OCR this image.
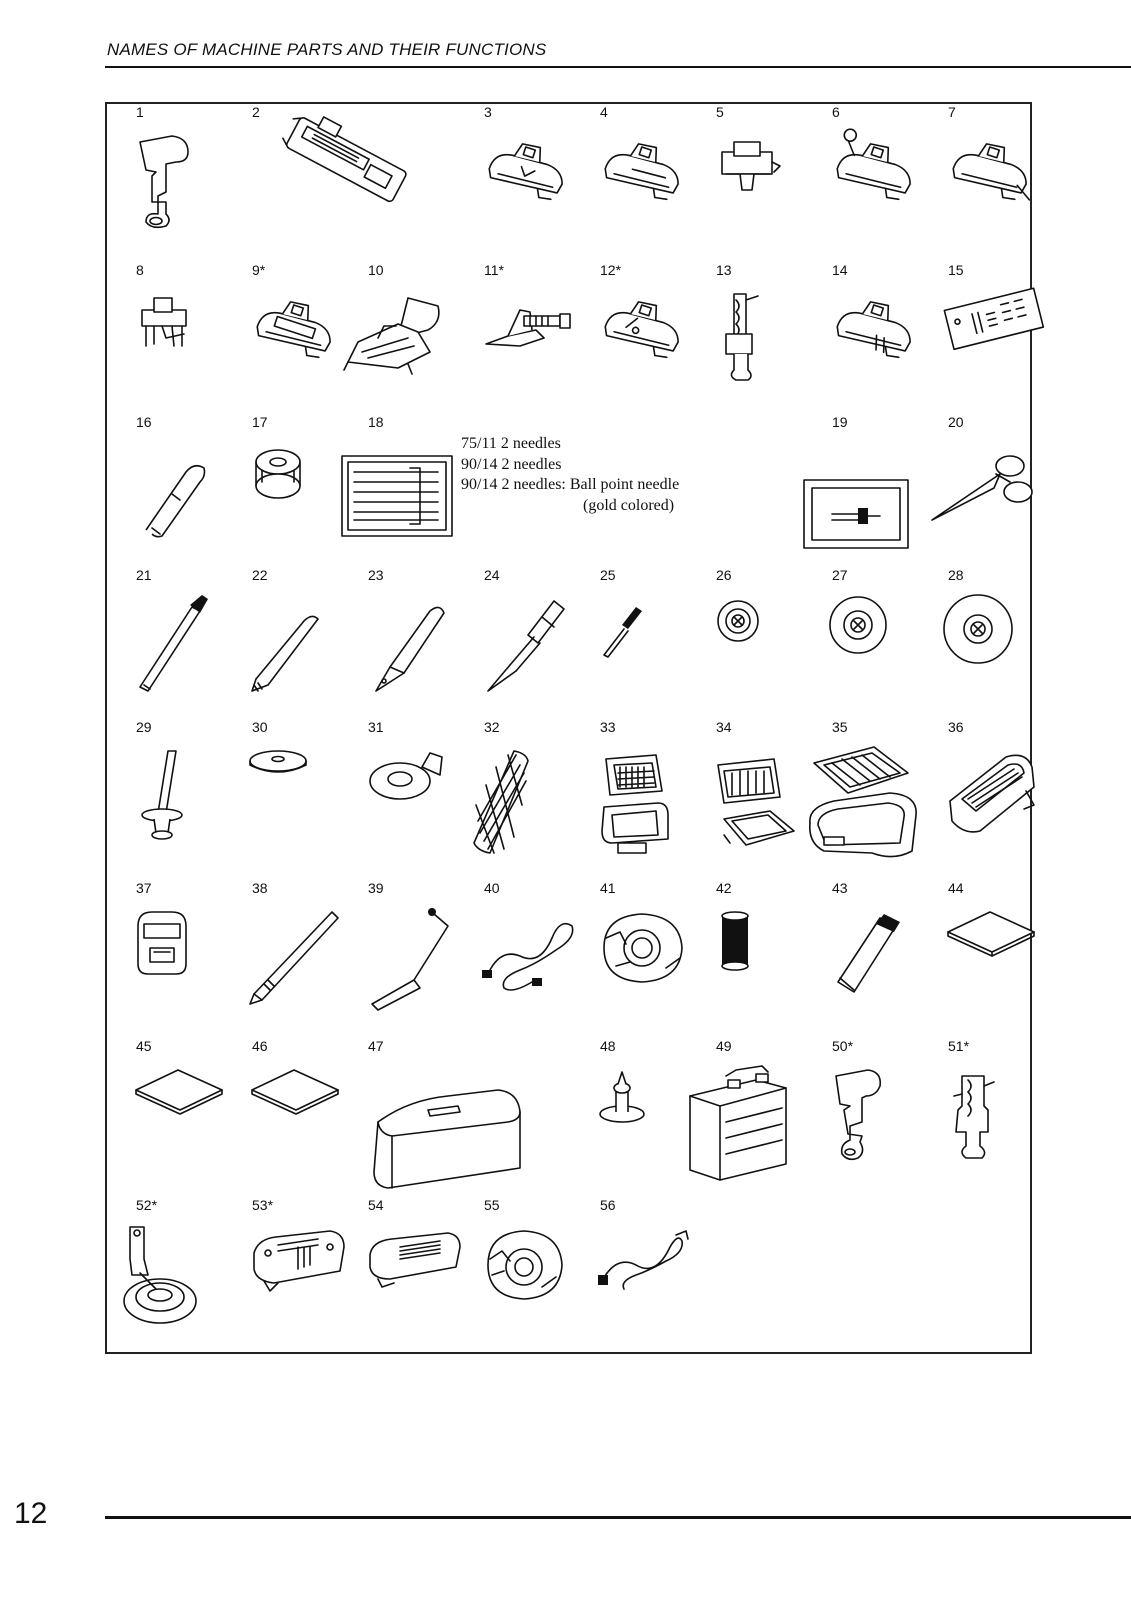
NAMES OF MACHINE PARTS AND THEIR FUNCTIONS
1	2	3	4	5	6	7
8	9*	10	11*	12*	13	14	15
16	17	18	19	20
21	22	23	24	25	26	27	28
29	30	31	32	33	34	35	36
37	38	39	40	41	42	43	44
45	46	47	48	49	50*	51*
52*	53*	54	55	56
75/11 2 needles
90/14 2 needles
90/14 2 needles: Ball point needle
(gold colored)
12
